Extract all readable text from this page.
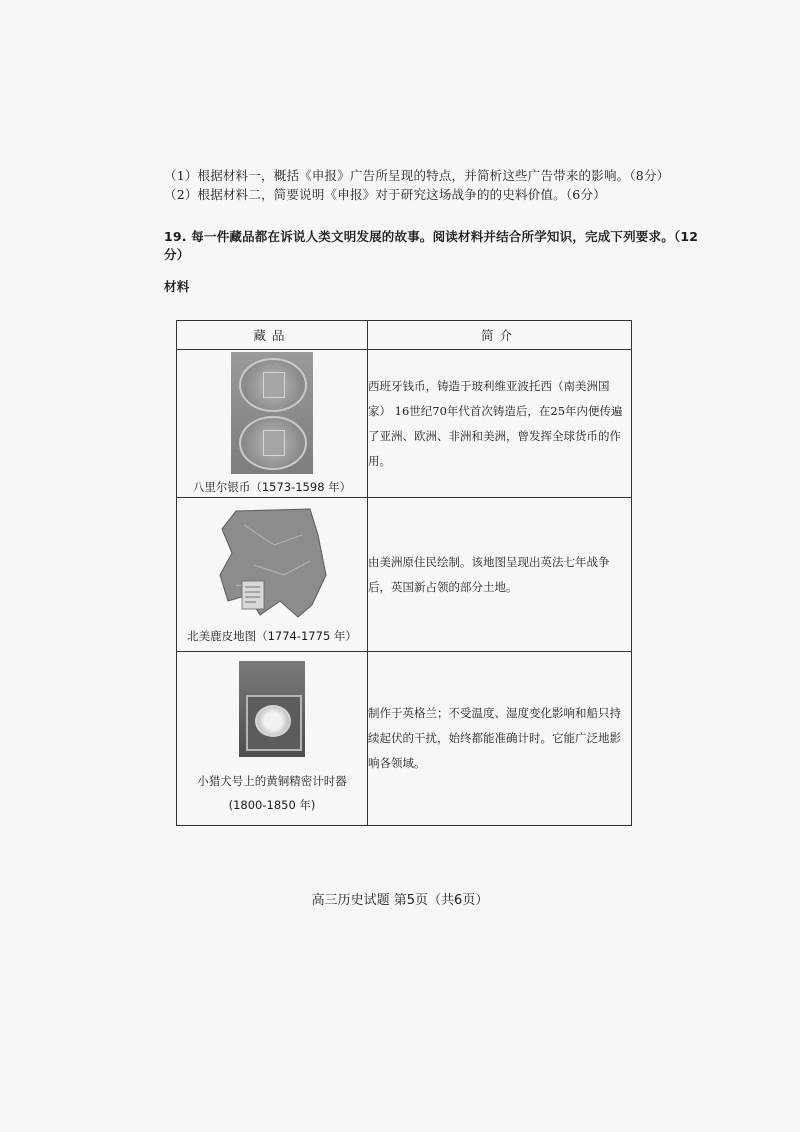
（1）根据材料一，概括《申报》广告所呈现的特点，并简析这些广告带来的影响。（8分）
（2）根据材料二，简要说明《申报》对于研究这场战争的的史料价值。（6分）
19. 每一件藏品都在诉说人类文明发展的故事。阅读材料并结合所学知识，完成下列要求。（12
分）
材料
藏品	简介

八里尔银币（1573-1598 年）	西班牙钱币，铸造于玻利维亚波托西（南美洲国家） 16世纪70年代首次铸造后，在25年内便传遍了亚洲、欧洲、非洲和美洲，曾发挥全球货币的作用。

北美鹿皮地图（1774-1775 年）	由美洲原住民绘制。该地图呈现出英法七年战争后，英国新占领的部分土地。

小猎犬号上的黄铜精密计时器
(1800-1850 年)	制作于英格兰；不受温度、湿度变化影响和船只持续起伏的干扰，始终都能准确计时。它能广泛地影响各领域。
高三历史试题 第5页（共6页）
